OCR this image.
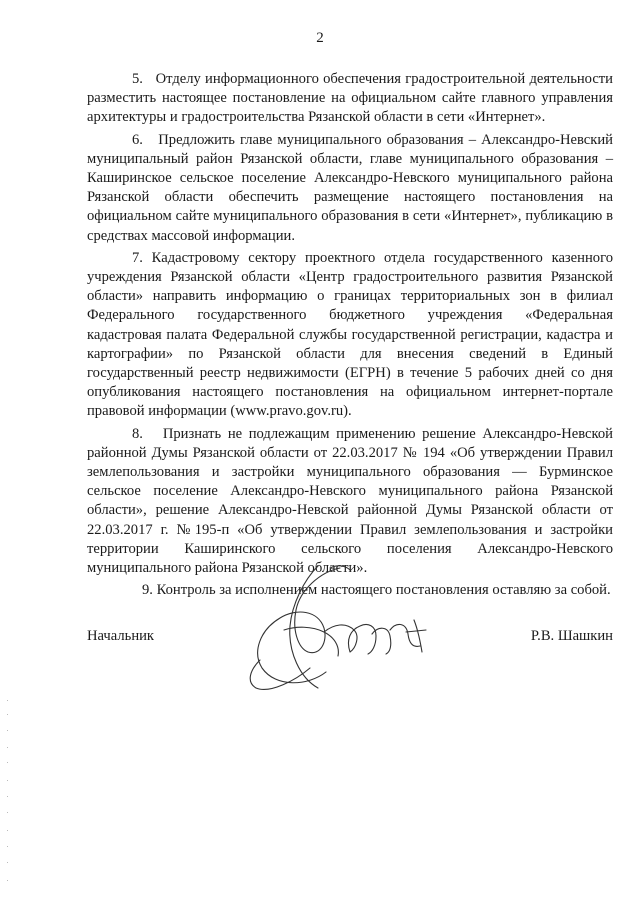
2

5.   Отделу информационного обеспечения градостроительной деятельности разместить настоящее постановление на официальном сайте главного управления архитектуры и градостроительства Рязанской области в сети «Интернет».

6.   Предложить главе муниципального образования – Александро-Невский муниципальный район Рязанской области, главе муниципального образования – Каширинское сельское поселение Александро-Невского муниципального района Рязанской области обеспечить размещение настоящего постановления на официальном сайте муниципального образования в сети «Интернет», публикацию в средствах массовой информации.

7. Кадастровому сектору проектного отдела государственного казенного учреждения Рязанской области «Центр градостроительного развития Рязанской области» направить информацию о границах территориальных зон в филиал Федерального государственного бюджетного учреждения «Федеральная кадастровая палата Федеральной службы государственной регистрации, кадастра и картографии» по Рязанской области для внесения сведений в Единый государственный реестр недвижимости (ЕГРН) в течение 5 рабочих дней со дня опубликования настоящего постановления на официальном интернет-портале правовой информации (www.pravo.gov.ru).

8.   Признать не подлежащим применению решение Александро-Невской районной Думы Рязанской области от 22.03.2017 № 194 «Об утверждении Правил землепользования и застройки муниципального образования — Бурминское сельское поселение Александро-Невского муниципального района Рязанской области», решение Александро-Невской районной Думы Рязанской области от 22.03.2017 г. №195-п «Об утверждении Правил землепользования и застройки территории Каширинского сельского поселения Александро-Невского муниципального района Рязанской области».

9. Контроль за исполнением настоящего постановления оставляю за собой.

Начальник	Р.В. Шашкин
